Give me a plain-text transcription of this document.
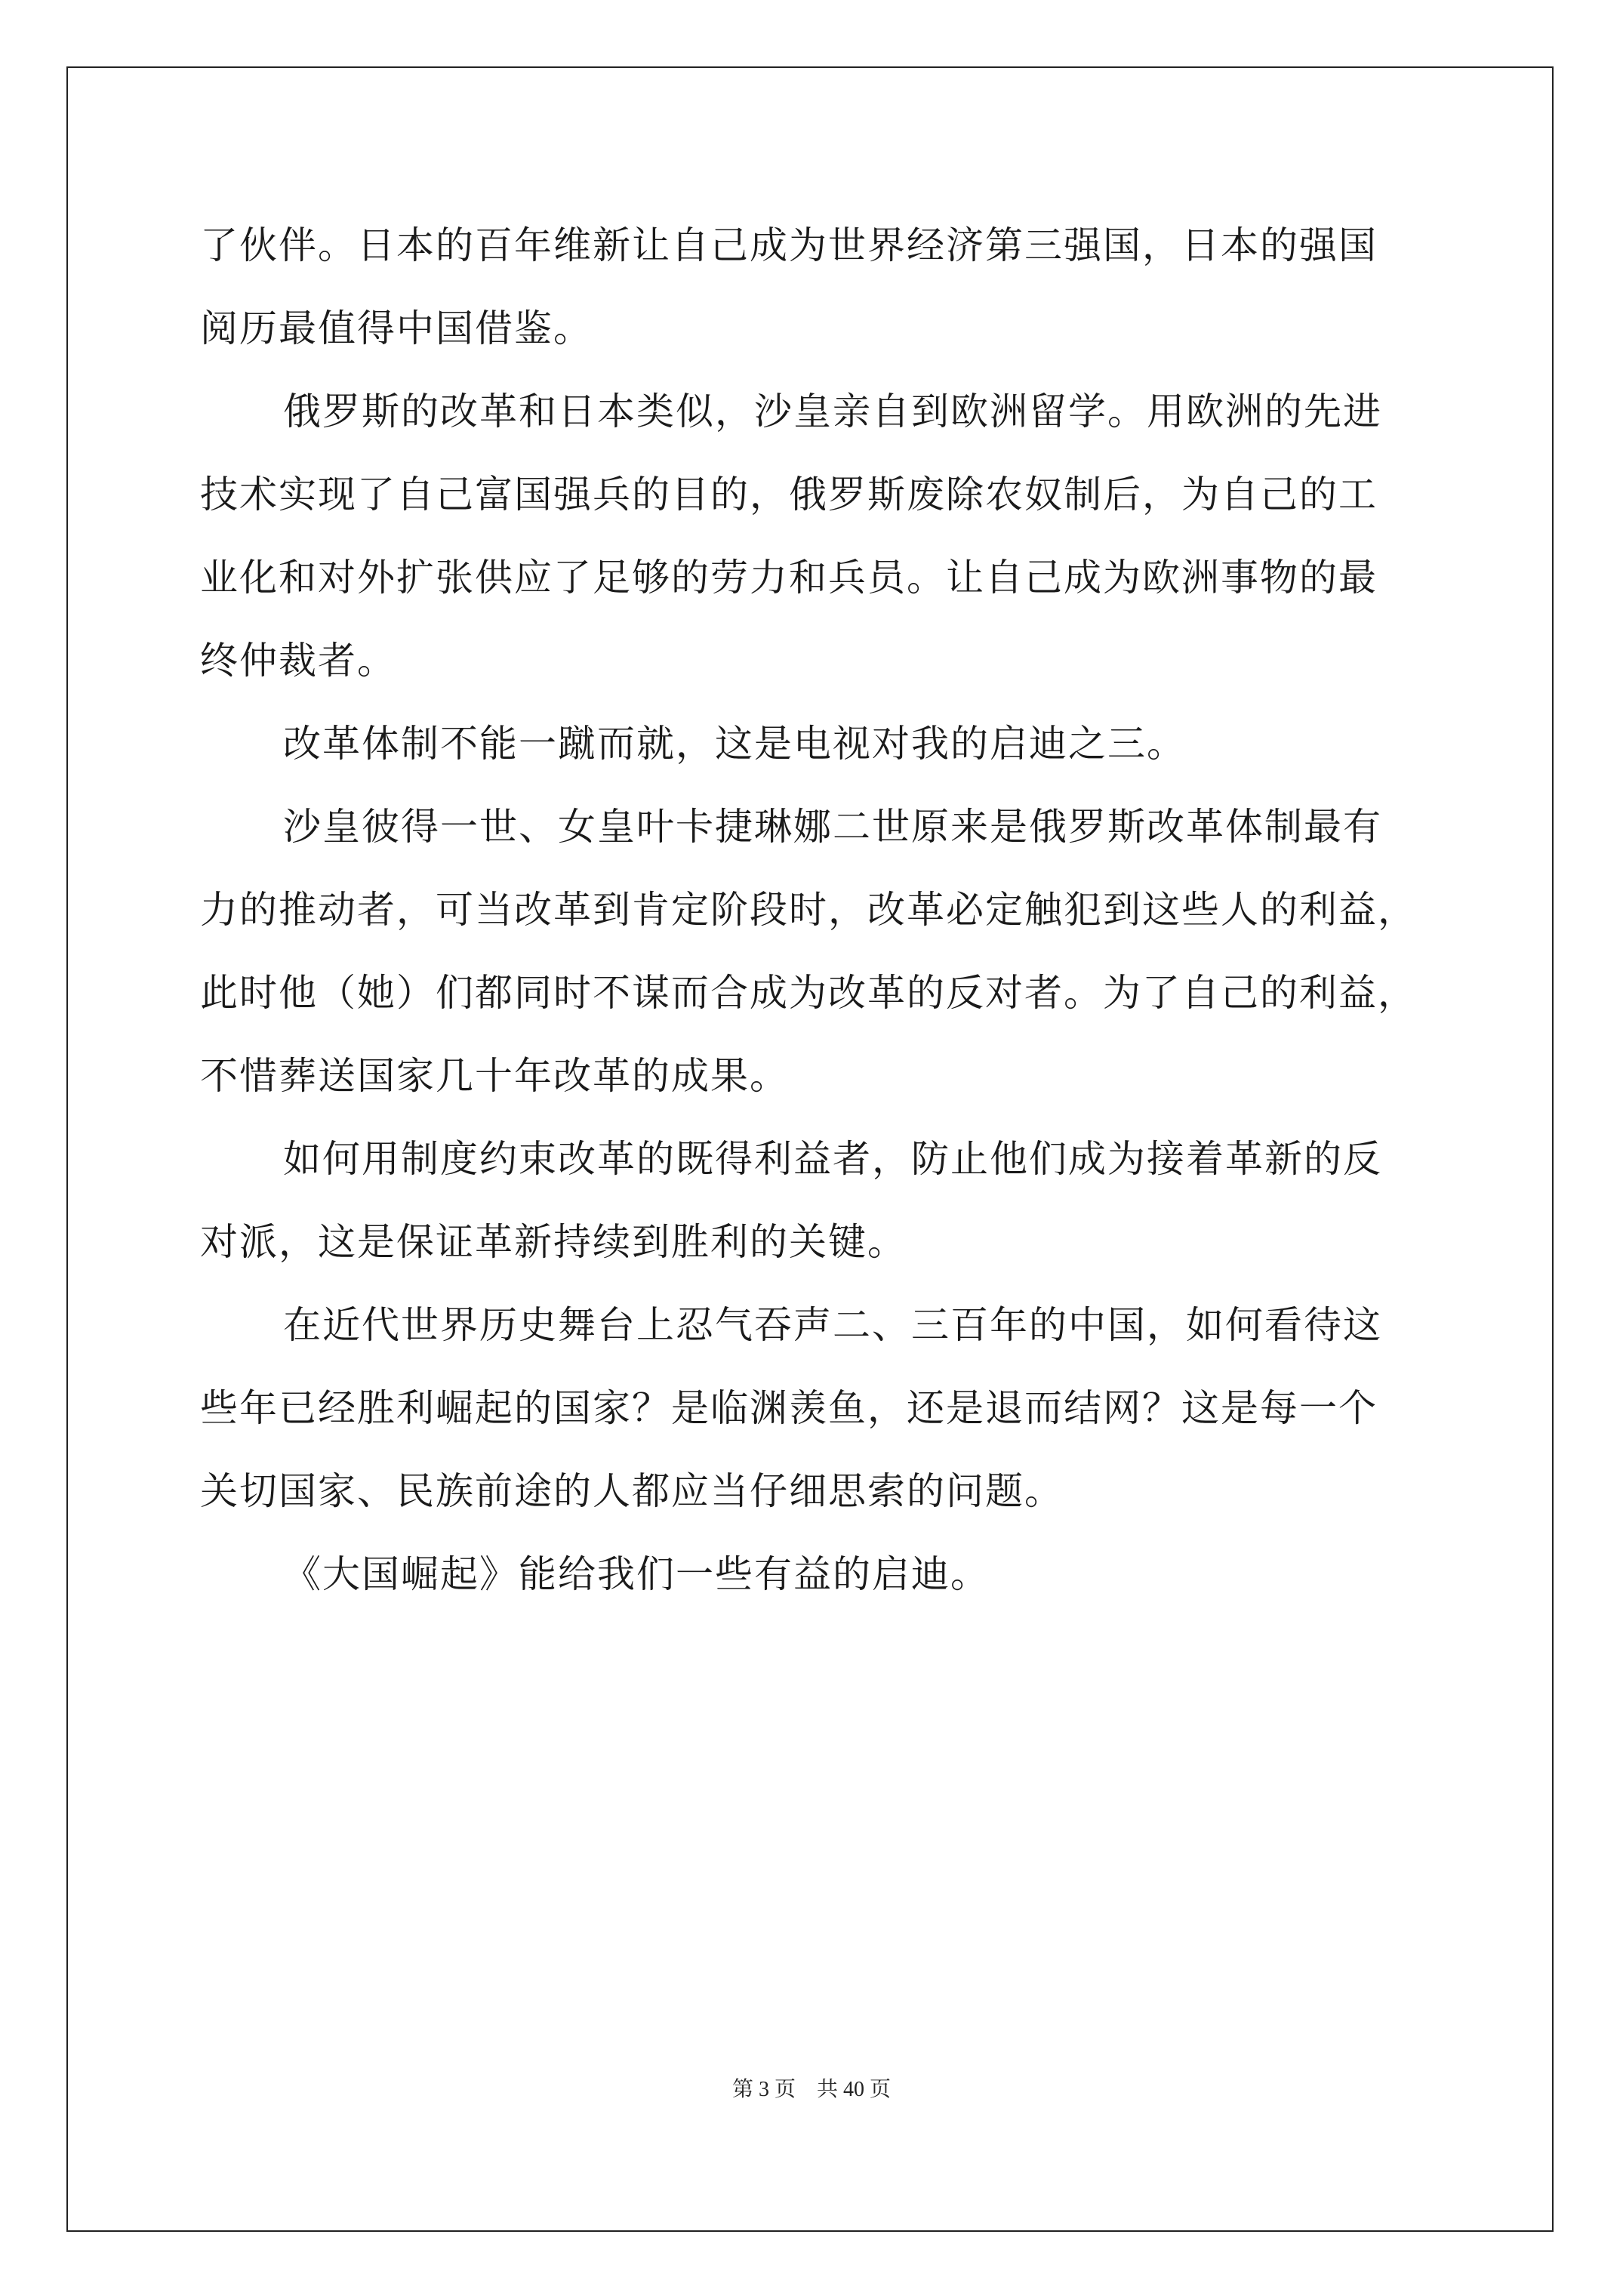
了伙伴。日本的百年维新让自己成为世界经济第三强国，日本的强国
阅历最值得中国借鉴。
俄罗斯的改革和日本类似，沙皇亲自到欧洲留学。用欧洲的先进
技术实现了自己富国强兵的目的，俄罗斯废除农奴制后，为自己的工
业化和对外扩张供应了足够的劳力和兵员。让自己成为欧洲事物的最
终仲裁者。
改革体制不能一蹴而就，这是电视对我的启迪之三。
沙皇彼得一世、女皇叶卡捷琳娜二世原来是俄罗斯改革体制最有
力的推动者，可当改革到肯定阶段时，改革必定触犯到这些人的利益，
此时他（她）们都同时不谋而合成为改革的反对者。为了自己的利益，
不惜葬送国家几十年改革的成果。
如何用制度约束改革的既得利益者，防止他们成为接着革新的反
对派，这是保证革新持续到胜利的关键。
在近代世界历史舞台上忍气吞声二、三百年的中国，如何看待这
些年已经胜利崛起的国家？是临渊羡鱼，还是退而结网？这是每一个
关切国家、民族前途的人都应当仔细思索的问题。
《大国崛起》能给我们一些有益的启迪。
第 3 页    共 40 页
